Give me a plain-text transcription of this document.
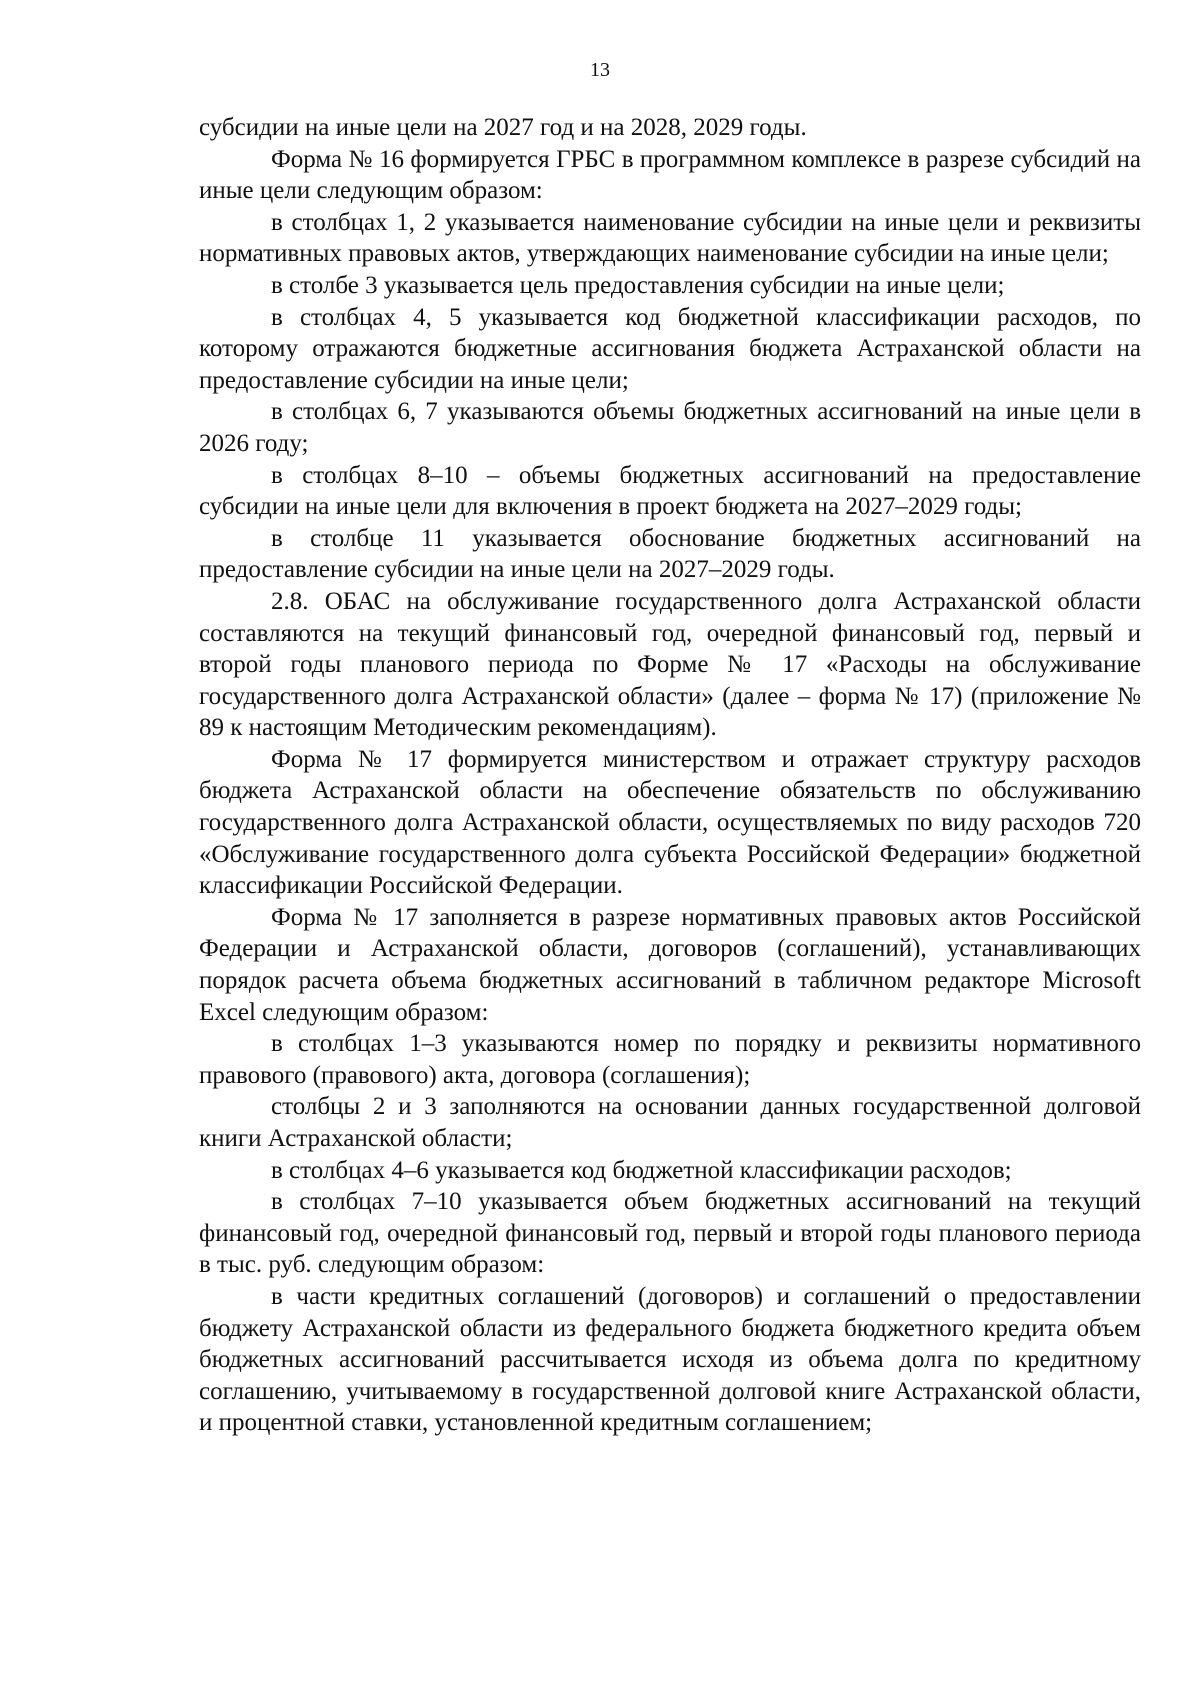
13

субсидии на иные цели на 2027 год и на 2028, 2029 годы.

Форма № 16 формируется ГРБС в программном комплексе в разрезе субсидий на иные цели следующим образом:

в столбцах 1, 2 указывается наименование субсидии на иные цели и реквизиты нормативных правовых актов, утверждающих наименование субсидии на иные цели;

в столбе 3 указывается цель предоставления субсидии на иные цели;

в столбцах 4, 5 указывается код бюджетной классификации расходов, по которому отражаются бюджетные ассигнования бюджета Астраханской области на предоставление субсидии на иные цели;

в столбцах 6, 7 указываются объемы бюджетных ассигнований на иные цели в 2026 году;

в столбцах 8–10 – объемы бюджетных ассигнований на предоставление субсидии на иные цели для включения в проект бюджета на 2027–2029 годы;

в столбце 11 указывается обоснование бюджетных ассигнований на предоставление субсидии на иные цели на 2027–2029 годы.

2.8. ОБАС на обслуживание государственного долга Астраханской области составляются на текущий финансовый год, очередной финансовый год, первый и второй годы планового периода по Форме № 17 «Расходы на обслуживание государственного долга Астраханской области» (далее – форма № 17) (приложение № 89 к настоящим Методическим рекомендациям).

Форма № 17 формируется министерством и отражает структуру расходов бюджета Астраханской области на обеспечение обязательств по обслуживанию государственного долга Астраханской области, осуществляемых по виду расходов 720 «Обслуживание государственного долга субъекта Российской Федерации» бюджетной классификации Российской Федерации.

Форма № 17 заполняется в разрезе нормативных правовых актов Российской Федерации и Астраханской области, договоров (соглашений), устанавливающих порядок расчета объема бюджетных ассигнований в табличном редакторе Microsoft Excel следующим образом:

в столбцах 1–3 указываются номер по порядку и реквизиты нормативного правового (правового) акта, договора (соглашения);

столбцы 2 и 3 заполняются на основании данных государственной долговой книги Астраханской области;

в столбцах 4–6 указывается код бюджетной классификации расходов;

в столбцах 7–10 указывается объем бюджетных ассигнований на текущий финансовый год, очередной финансовый год, первый и второй годы планового периода в тыс. руб. следующим образом:

в части кредитных соглашений (договоров) и соглашений о предоставлении бюджету Астраханской области из федерального бюджета бюджетного кредита объем бюджетных ассигнований рассчитывается исходя из объема долга по кредитному соглашению, учитываемому в государственной долговой книге Астраханской области, и процентной ставки, установленной кредитным соглашением;
